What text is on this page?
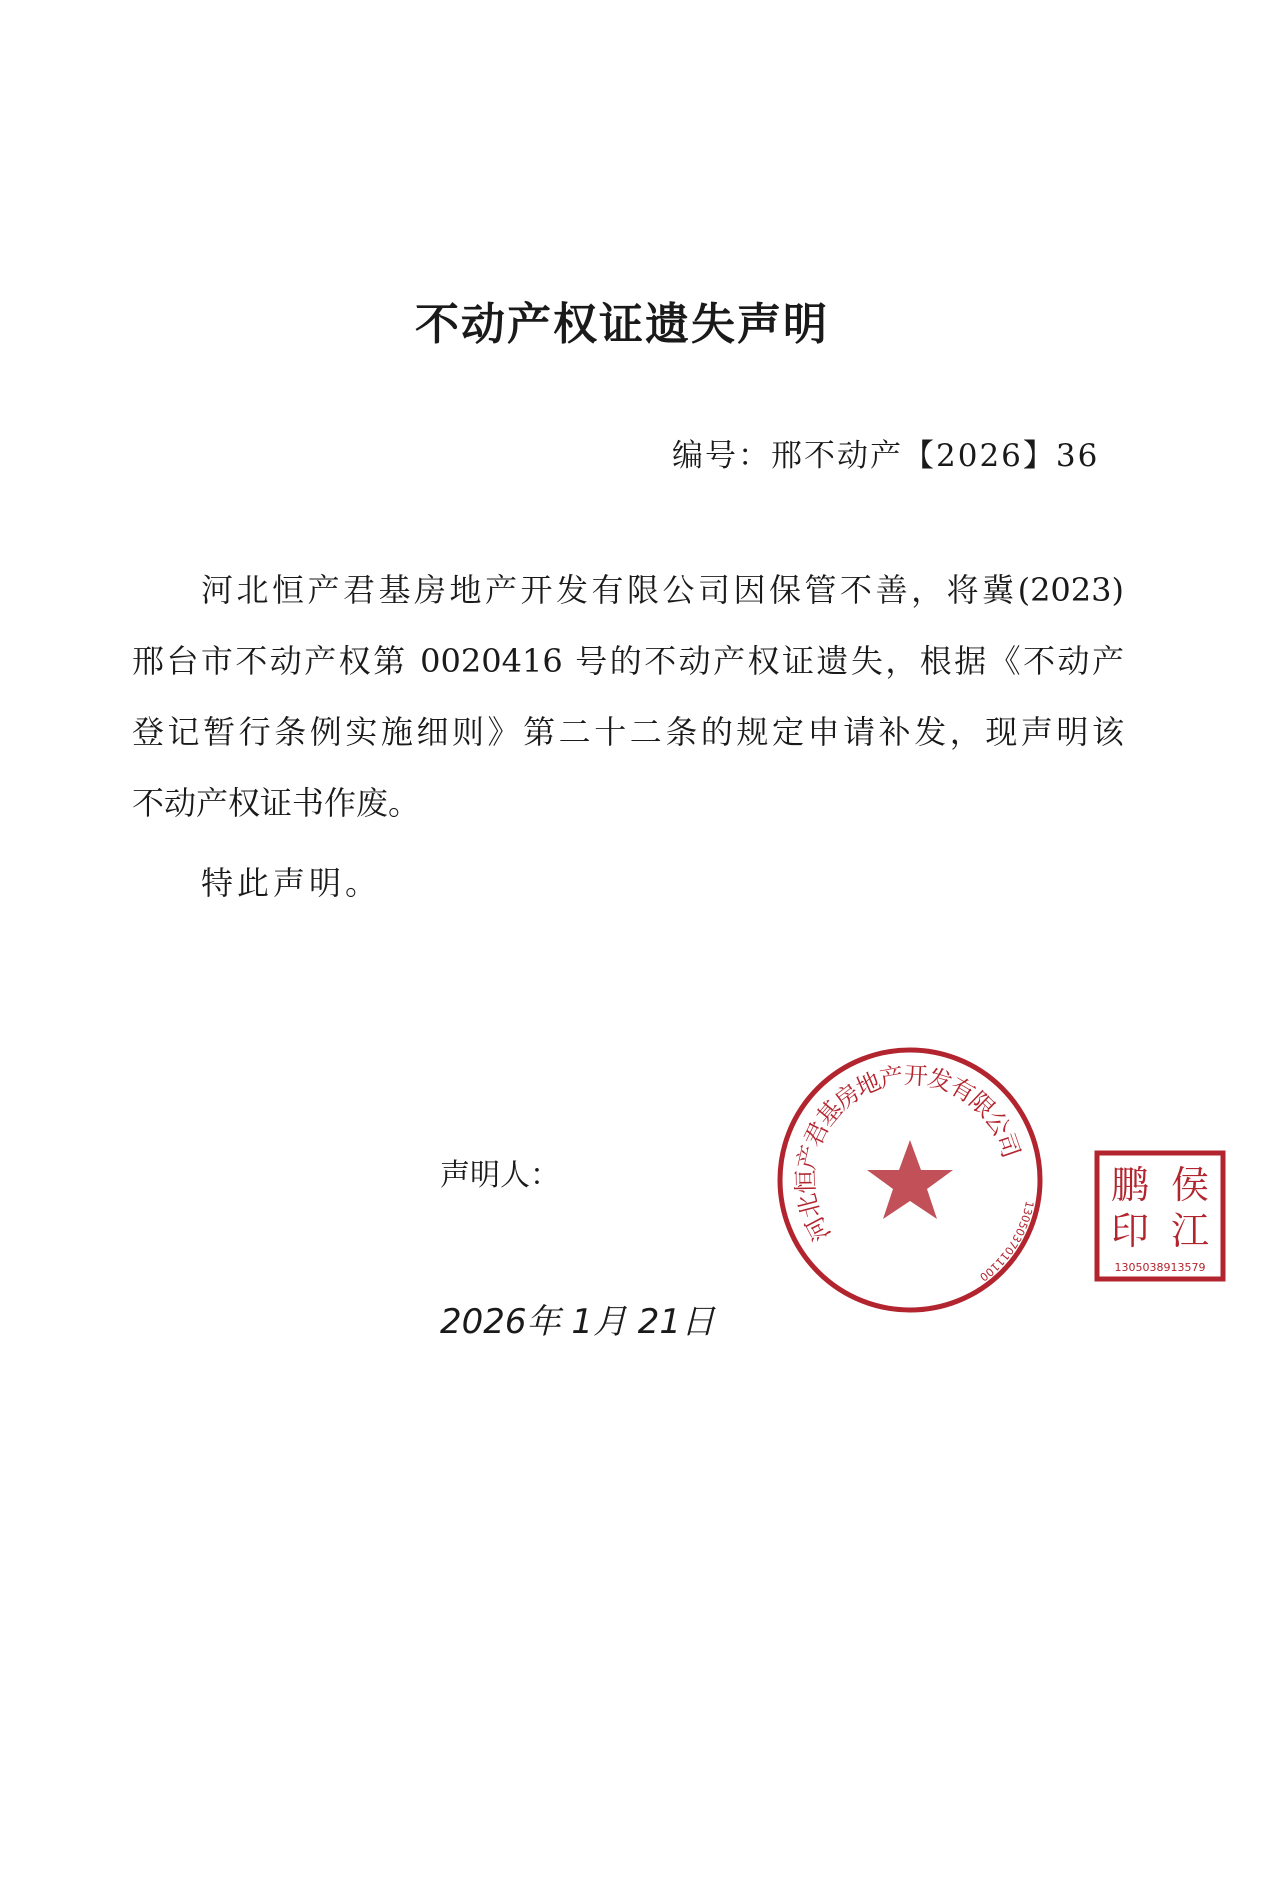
不动产权证遗失声明
编号：邢不动产【2026】36
河北恒产君基房地产开发有限公司因保管不善，将冀(2023)
邢台市不动产权第 0020416 号的不动产权证遗失，根据《不动产
登记暂行条例实施细则》第二十二条的规定申请补发，现声明该
不动产权证书作废。
特此声明。
声明人：
2026年 1月 21日
河北恒产君基房地产开发有限公司
1305037011100
侯
江
鹏
印
1305038913579
